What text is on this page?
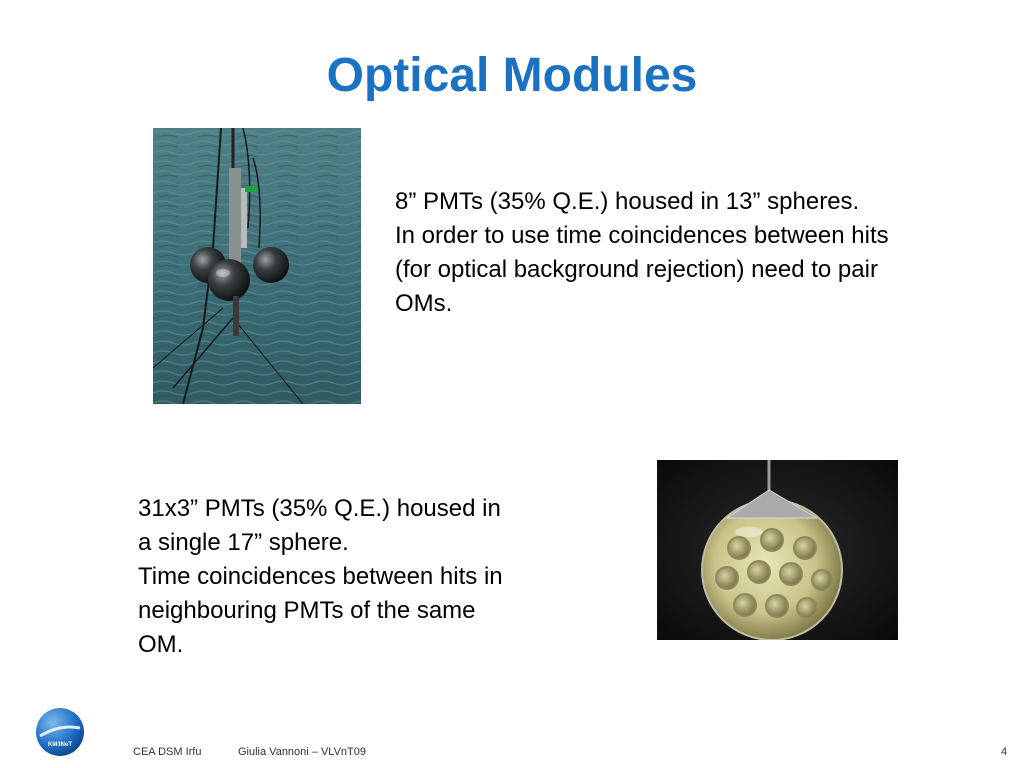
Optical Modules
8” PMTs (35% Q.E.) housed in 13” spheres.
In order to use time coincidences between hits
(for optical background rejection) need to pair
OMs.
31x3” PMTs (35% Q.E.) housed in
a single 17” sphere.
Time coincidences between hits in
neighbouring PMTs of the same
OM.
KM3NeT
CEA DSM Irfu	Giulia Vannoni – VLVnT09	4
